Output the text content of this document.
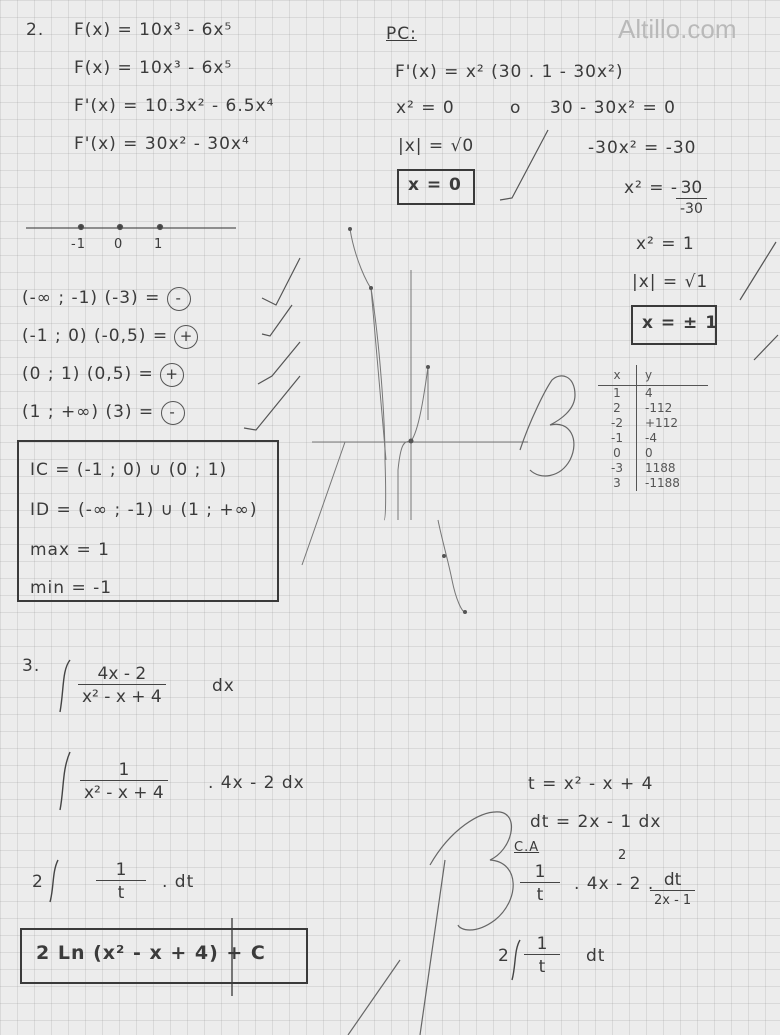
Altillo.com
2. F(x) = 10x³ - 6x⁵
F(x) = 10x³ - 6x⁵
F'(x) = 10.3x² - 6.5x⁴
F'(x) = 30x² - 30x⁴
-1 0 1
(-∞ ; -1) (-3) = -
(-1 ; 0) (-0,5) = +
(0 ; 1) (0,5) = +
(1 ; +∞) (3) = -
IC = (-1 ; 0) ∪ (0 ; 1)
ID = (-∞ ; -1) ∪ (1 ; +∞)
max = 1
min = -1
PC:
F'(x) = x² (30 . 1 - 30x²)
x² = 0	o 30 - 30x² = 0
|x| = √0	-30x² = -30
x² = - 30
-30
x² = 1
|x| = √1
x = 0
x = ± 1
x	y
1	4
2	-112
-2	+112
-1	-4
0	0
-3	1188
3	-1188
3. $\frac{4x - 2}{\text{x² - x + 4}}$	dx
$\frac{1}{\text{x² - x + 4}}$ . 4x - 2 dx
2	$\frac{1}{t}$ . dt
2 Ln (x² - x + 4) + C
t = x² - x + 4
dt = 2x - 1 dx
C.A
2
$\frac{1}{t}$ . 4x - 2 . dt
2x - 1
$2 \frac{1}{t}$ dt
